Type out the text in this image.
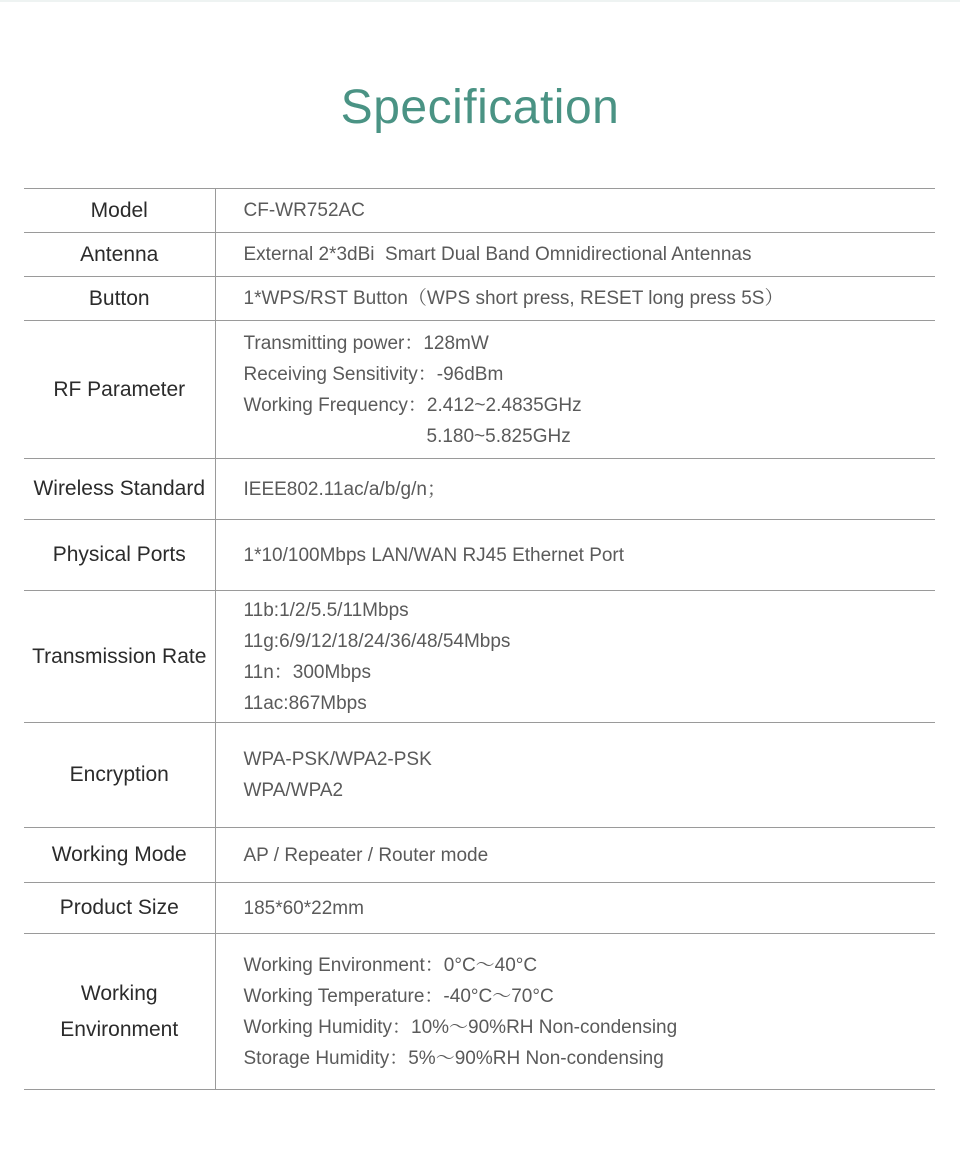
Specification
Model	CF-WR752AC

Antenna	External 2*3dBi  Smart Dual Band Omnidirectional Antennas

Button	1*WPS/RST Button（WPS short press, RESET long press 5S）

RF Parameter	Transmitting power：128mW
Receiving Sensitivity：-96dBm
Working Frequency：2.412~2.4835GHz
5.180~5.825GHz

Wireless Standard	IEEE802.11ac/a/b/g/n；

Physical Ports	1*10/100Mbps LAN/WAN RJ45 Ethernet Port

Transmission Rate	11b:1/2/5.5/11Mbps
11g:6/9/12/18/24/36/48/54Mbps
11n：300Mbps
11ac:867Mbps

Encryption	WPA-PSK/WPA2-PSK
WPA/WPA2

Working Mode	AP / Repeater / Router mode

Product Size	185*60*22mm

Working
Environment	Working Environment：0°C～40°C
Working Temperature：-40°C～70°C
Working Humidity：10%～90%RH Non-condensing
Storage Humidity：5%～90%RH Non-condensing
